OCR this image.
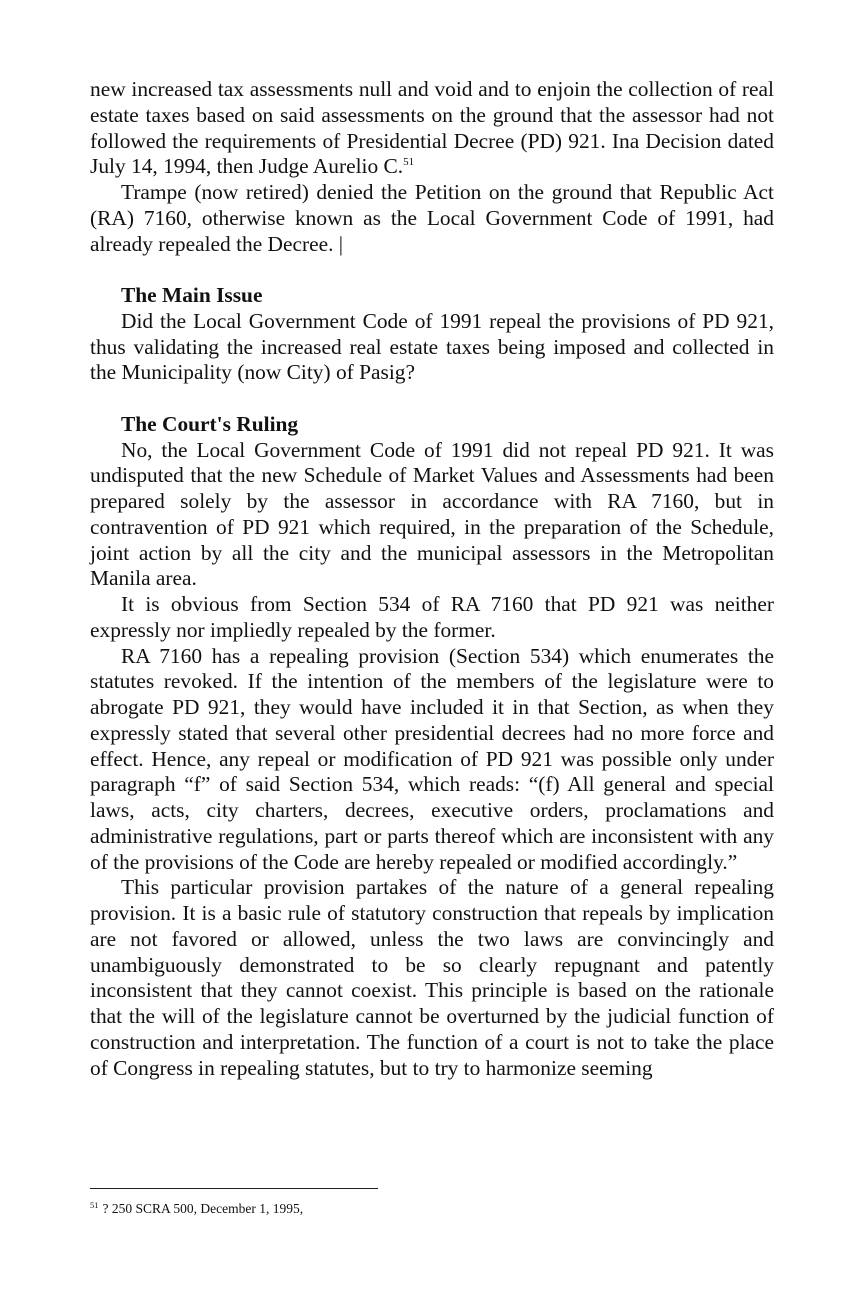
new increased tax assessments null and void and to enjoin the collection of real estate taxes based on said assessments on the ground that the assessor had not followed the requirements of Presidential Decree (PD) 921. Ina Decision dated July 14, 1994, then Judge Aurelio C.$^{51}$

Trampe (now retired) denied the Petition on the ground that Republic Act (RA) 7160, otherwise known as the Local Government Code of 1991, had already repealed the Decree. |

The Main Issue

Did the Local Government Code of 1991 repeal the provisions of PD 921, thus validating the increased real estate taxes being imposed and collected in the Municipality (now City) of Pasig?

The Court's Ruling

No, the Local Government Code of 1991 did not repeal PD 921. It was undisputed that the new Schedule of Market Values and Assessments had been prepared solely by the assessor in accordance with RA 7160, but in contravention of PD 921 which required, in the preparation of the Schedule, joint action by all the city and the municipal assessors in the Metropolitan Manila area.

It is obvious from Section 534 of RA 7160 that PD 921 was neither expressly nor impliedly repealed by the former.

RA 7160 has a repealing provision (Section 534) which enumerates the statutes revoked. If the intention of the members of the legislature were to abrogate PD 921, they would have included it in that Section, as when they expressly stated that several other presidential decrees had no more force and effect. Hence, any repeal or modification of PD 921 was possible only under paragraph “f” of said Section 534, which reads: “(f) All general and special laws, acts, city charters, decrees, executive orders, proclamations and administrative regulations, part or parts thereof which are inconsistent with any of the provisions of the Code are hereby repealed or modified accordingly.”

This particular provision partakes of the nature of a general repealing provision. It is a basic rule of statutory construction that repeals by implication are not favored or allowed, unless the two laws are convincingly and unambiguously demonstrated to be so clearly repugnant and patently inconsistent that they cannot coexist. This principle is based on the rationale that the will of the legislature cannot be overturned by the judicial function of construction and interpretation. The function of a court is not to take the place of Congress in repealing statutes, but to try to harmonize seeming

$^{51}$ ? 250 SCRA 500, December 1, 1995,
